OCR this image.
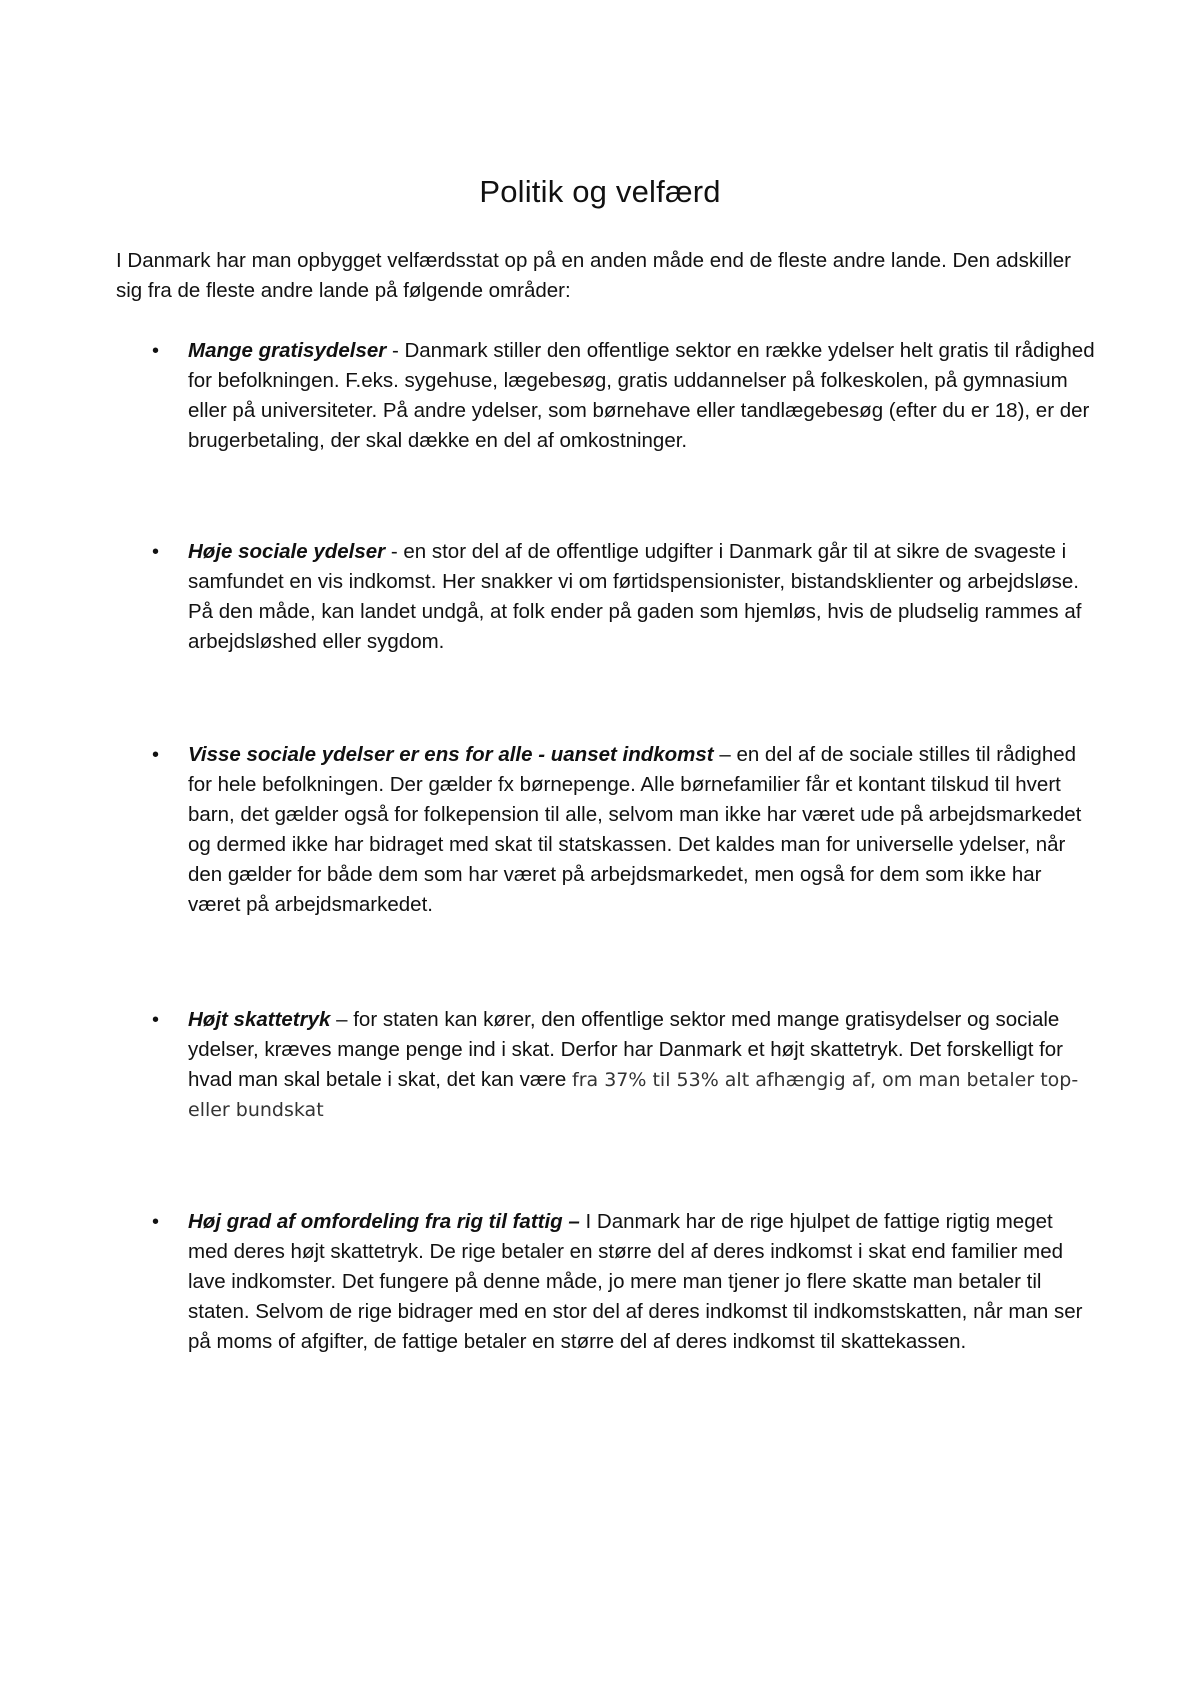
Politik og velfærd
I Danmark har man opbygget velfærdsstat op på en anden måde end de fleste andre lande. Den adskiller sig fra de fleste andre lande på følgende områder:
•	Mange gratisydelser - Danmark stiller den offentlige sektor en række ydelser helt gratis til rådighed for befolkningen. F.eks. sygehuse, lægebesøg, gratis uddannelser på folkeskolen, på gymnasium eller på universiteter. På andre ydelser, som børnehave eller tandlægebesøg (efter du er 18), er der brugerbetaling, der skal dække en del af omkostninger.
•	Høje sociale ydelser - en stor del af de offentlige udgifter i Danmark går til at sikre de svageste i samfundet en vis indkomst. Her snakker vi om førtidspensionister, bistandsklienter og arbejdsløse. På den måde, kan landet undgå, at folk ender på gaden som hjemløs, hvis de pludselig rammes af arbejdsløshed eller sygdom.
•	Visse sociale ydelser er ens for alle - uanset indkomst – en del af de sociale stilles til rådighed for hele befolkningen. Der gælder fx børnepenge. Alle børnefamilier får et kontant tilskud til hvert barn, det gælder også for folkepension til alle, selvom man ikke har været ude på arbejdsmarkedet og dermed ikke har bidraget med skat til statskassen. Det kaldes man for universelle ydelser, når den gælder for både dem som har været på arbejdsmarkedet, men også for dem som ikke har været på arbejdsmarkedet.
•	Højt skattetryk – for staten kan kører, den offentlige sektor med mange gratisydelser og sociale ydelser, kræves mange penge ind i skat. Derfor har Danmark et højt skattetryk. Det forskelligt for hvad man skal betale i skat, det kan være fra 37% til 53% alt afhængig af, om man betaler top- eller bundskat
•	Høj grad af omfordeling fra rig til fattig – I Danmark har de rige hjulpet de fattige rigtig meget med deres højt skattetryk. De rige betaler en større del af deres indkomst i skat end familier med lave indkomster. Det fungere på denne måde, jo mere man tjener jo flere skatte man betaler til staten. Selvom de rige bidrager med en stor del af deres indkomst til indkomstskatten, når man ser på moms of afgifter, de fattige betaler en større del af deres indkomst til skattekassen.
